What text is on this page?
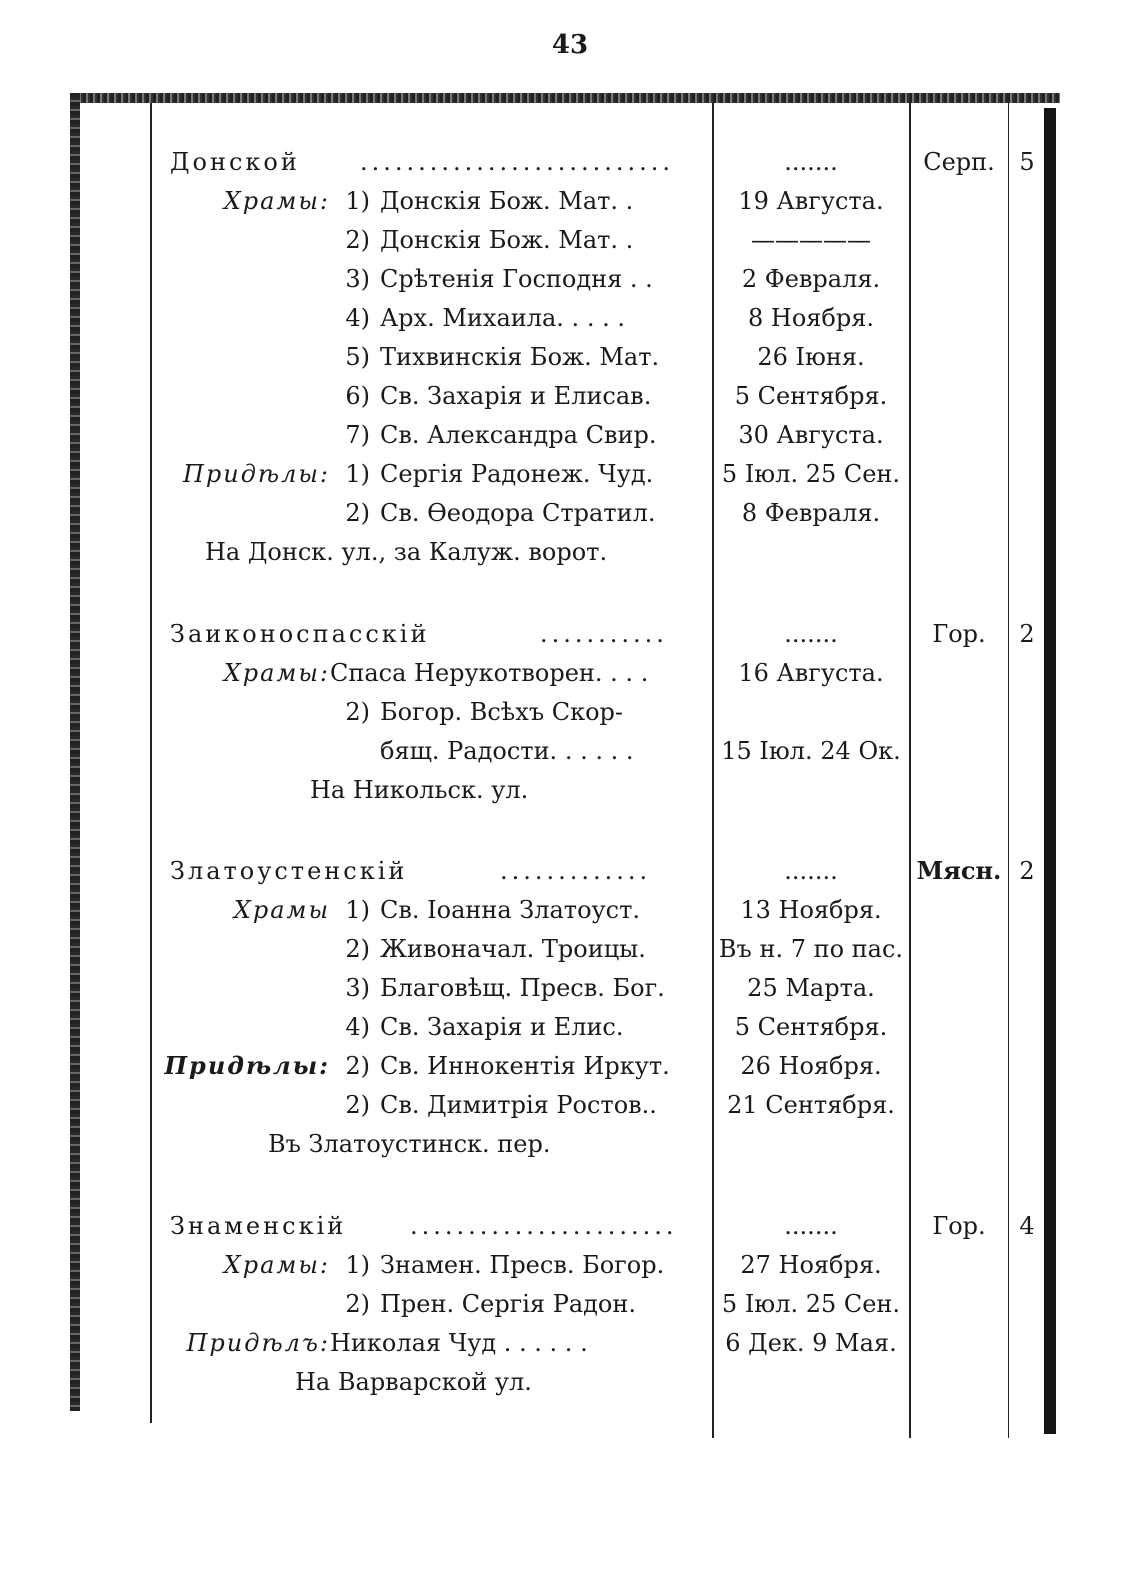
43
Донской	...........................	.......	Серп.	5
Храмы: 1) Донскія Бож. Мат. .	19 Августа.
2) Донскія Бож. Мат. .	—————
3) Срѣтенія Господня . .	2 Февраля.
4) Арх. Михаила. . . . .	8 Ноября.
5) Тихвинскія Бож. Мат.	26 Іюня.
6) Св. Захарія и Елисав.	5 Сентября.
7) Св. Александра Свир.	30 Августа.
Придѣлы: 1) Сергія Радонеж. Чуд.	5 Іюл. 25 Сен.
2) Св. Ѳеодора Стратил.	8 Февраля.
На Донск. ул., за Калуж. ворот.
Заиконоспасскій	...........	.......	Гор.	2
Храмы: Спаса Нерукотворен. . . .	16 Августа.
2) Богор. Всѣхъ Скор-
бящ. Радости. . . . . .	15 Іюл. 24 Ок.
На Никольск. ул.
Златоустенскій	.............	.......	Мясн. 2
Храмы 1) Св. Іоанна Златоуст.	13 Ноября.
2) Живоначал. Троицы.	Въ н. 7 по пас.
3) Благовѣщ. Пресв. Бог.	25 Марта.
4) Св. Захарія и Елис.	5 Сентября.
Придѣлы: 2) Св. Иннокентія Иркут.	26 Ноября.
2) Св. Димитрія Ростов..	21 Сентября.
Въ Златоустинск. пер.
Знаменскій	.......................	.......	Гор.	4
Храмы: 1) Знамен. Пресв. Богор.	27 Ноября.
2) Прен. Сергія Радон.	5 Іюл. 25 Сен.
Придѣлъ: Николая Чуд . . . . . .	6 Дек. 9 Мая.
На Варварской ул.
